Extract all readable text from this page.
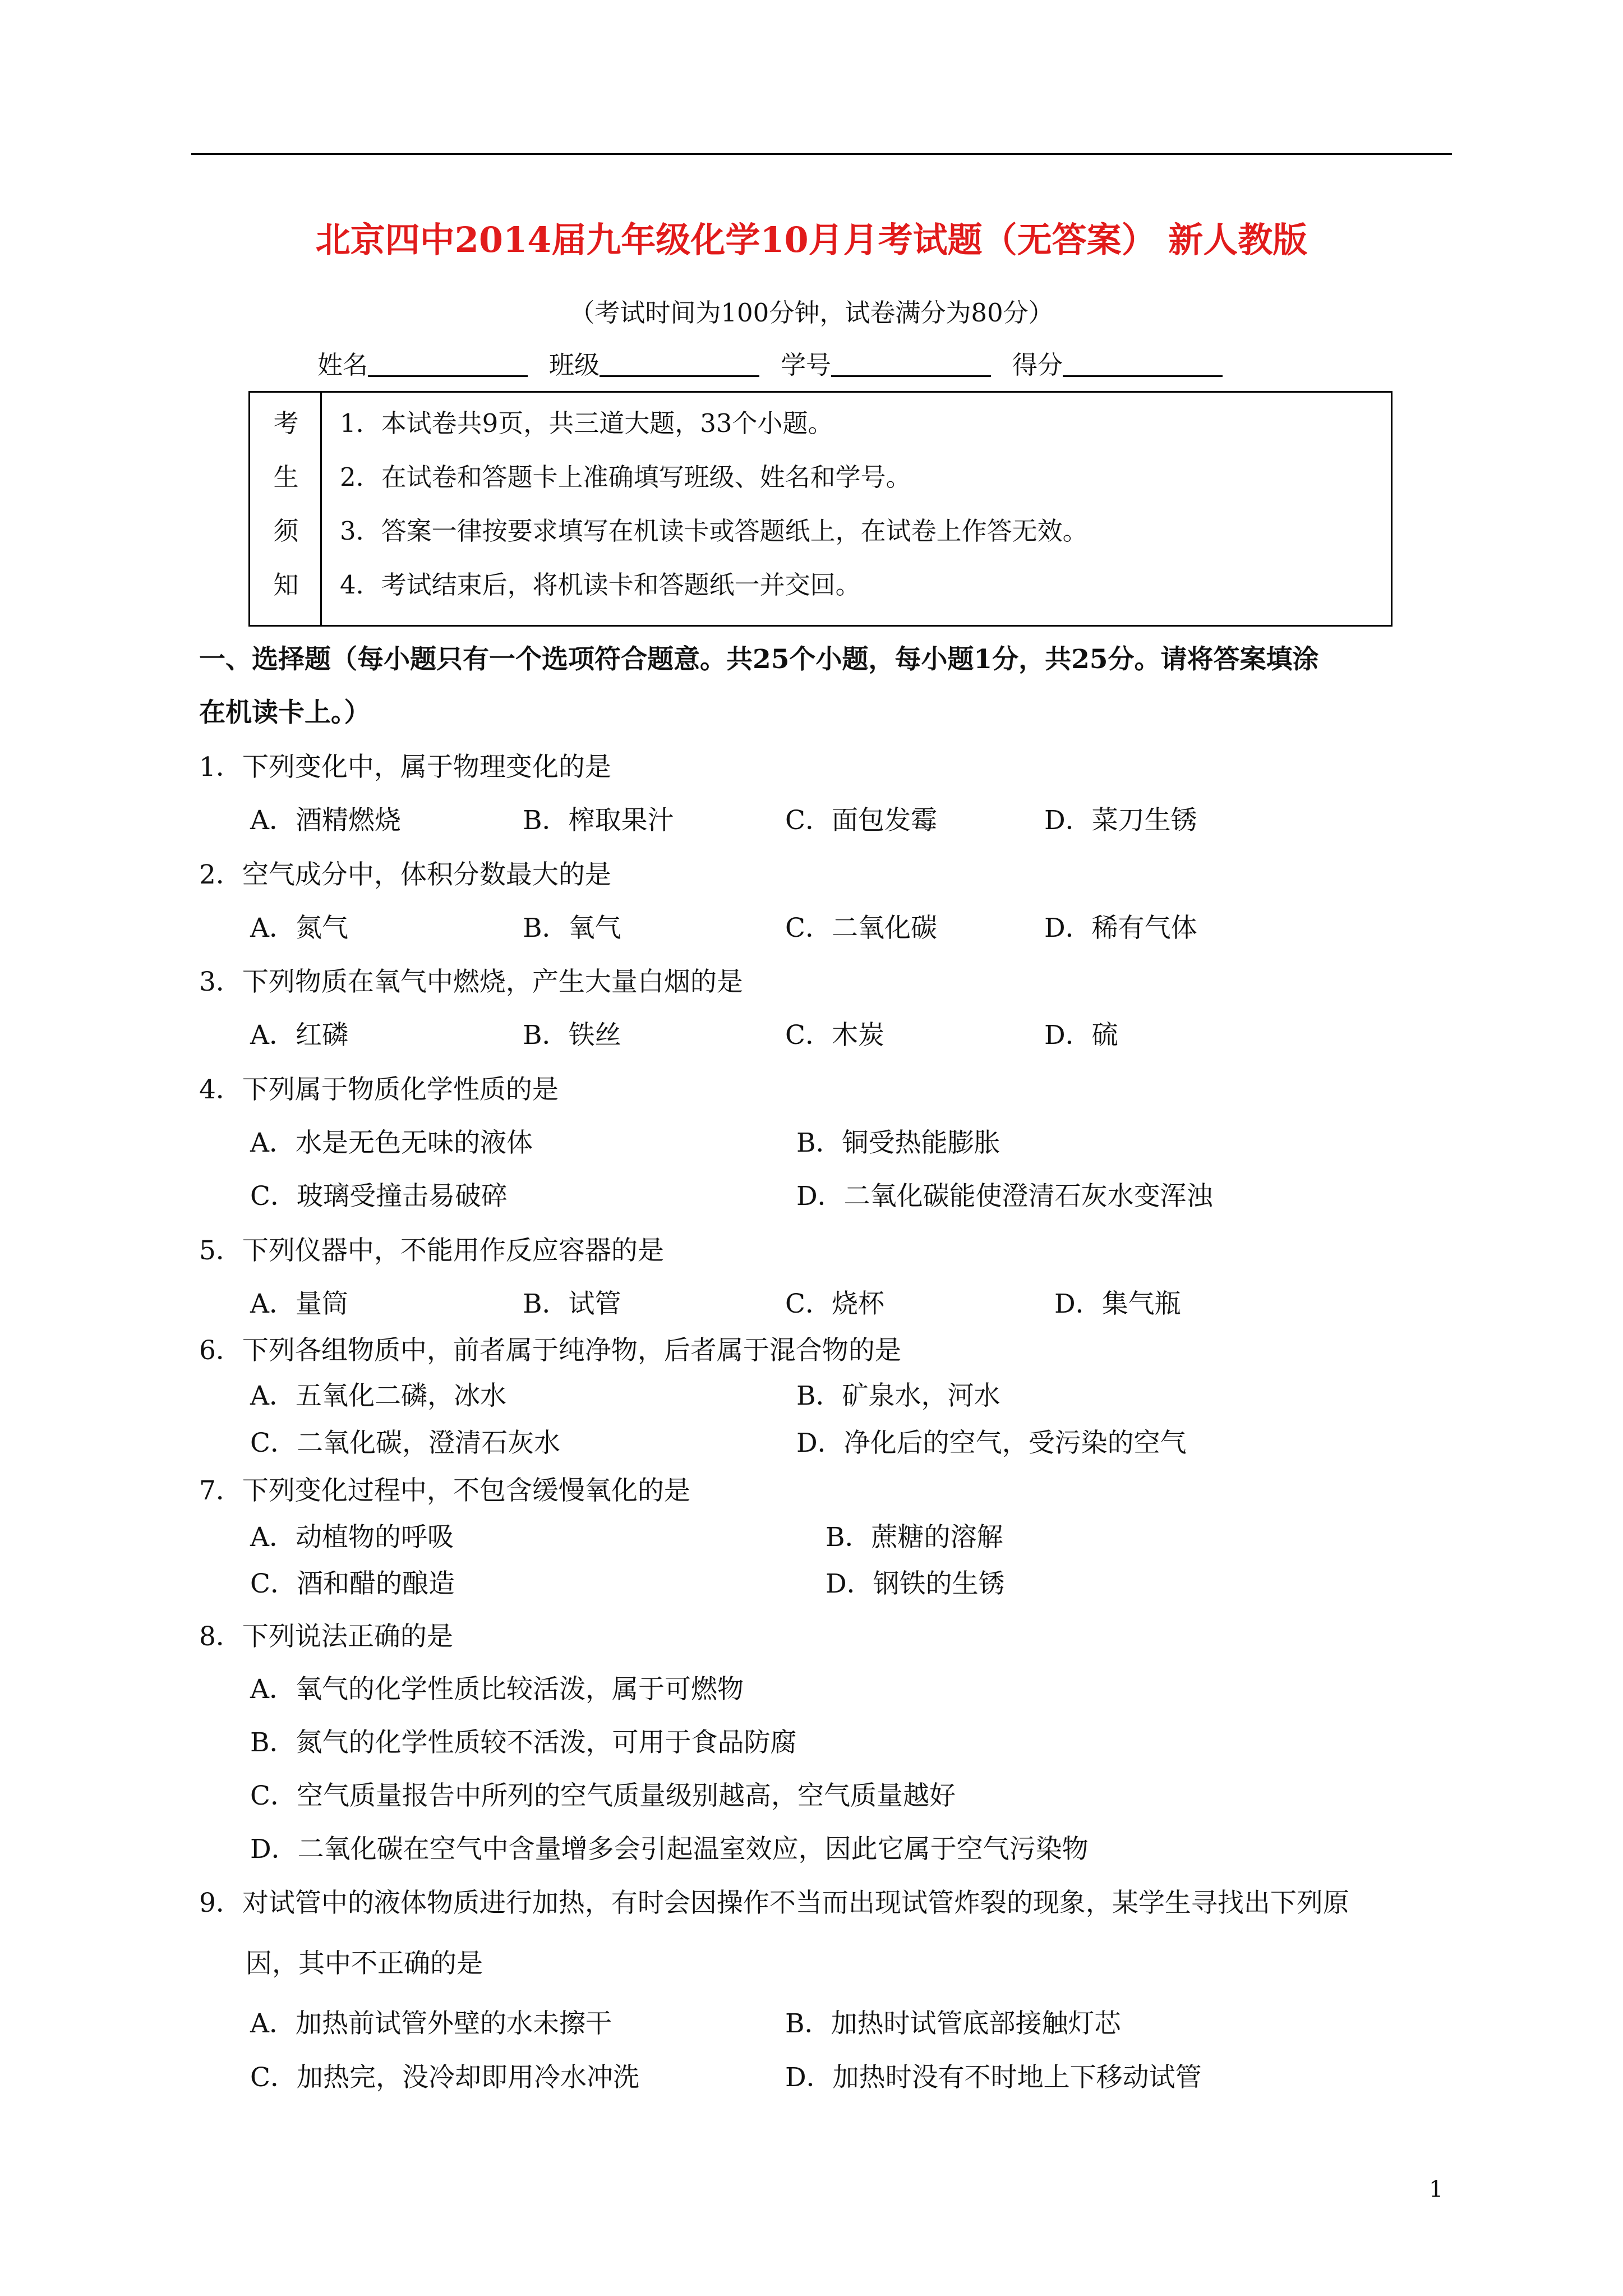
北京四中2014届九年级化学10月月考试题（无答案） 新人教版
（考试时间为100分钟，试卷满分为80分）
姓名	班级	学号	得分
考
生
须
知
1．本试卷共9页，共三道大题，33个小题。
2．在试卷和答题卡上准确填写班级、姓名和学号。
3．答案一律按要求填写在机读卡或答题纸上，在试卷上作答无效。
4．考试结束后，将机读卡和答题纸一并交回。
一、选择题（每小题只有一个选项符合题意。共25个小题，每小题1分，共25分。请将答案填涂
在机读卡上。）
1．下列变化中，属于物理变化的是
A．酒精燃烧	B．榨取果汁	C．面包发霉	D．菜刀生锈
2．空气成分中，体积分数最大的是
A．氮气	B．氧气	C．二氧化碳	D．稀有气体
3．下列物质在氧气中燃烧，产生大量白烟的是
A．红磷	B．铁丝	C．木炭	D．硫
4．下列属于物质化学性质的是
A．水是无色无味的液体	B．铜受热能膨胀
C．玻璃受撞击易破碎	D．二氧化碳能使澄清石灰水变浑浊
5．下列仪器中，不能用作反应容器的是
A．量筒	B．试管	C．烧杯	D．集气瓶
6．下列各组物质中，前者属于纯净物，后者属于混合物的是
A．五氧化二磷，冰水	B．矿泉水，河水
C．二氧化碳，澄清石灰水	D．净化后的空气，受污染的空气
7．下列变化过程中，不包含缓慢氧化的是
A．动植物的呼吸	B．蔗糖的溶解
C．酒和醋的酿造	D．钢铁的生锈
8．下列说法正确的是
A．氧气的化学性质比较活泼，属于可燃物
B．氮气的化学性质较不活泼，可用于食品防腐
C．空气质量报告中所列的空气质量级别越高，空气质量越好
D．二氧化碳在空气中含量增多会引起温室效应，因此它属于空气污染物
9．对试管中的液体物质进行加热，有时会因操作不当而出现试管炸裂的现象，某学生寻找出下列原
因，其中不正确的是
A．加热前试管外壁的水未擦干	B．加热时试管底部接触灯芯
C．加热完，没冷却即用冷水冲洗	D．加热时没有不时地上下移动试管
1
